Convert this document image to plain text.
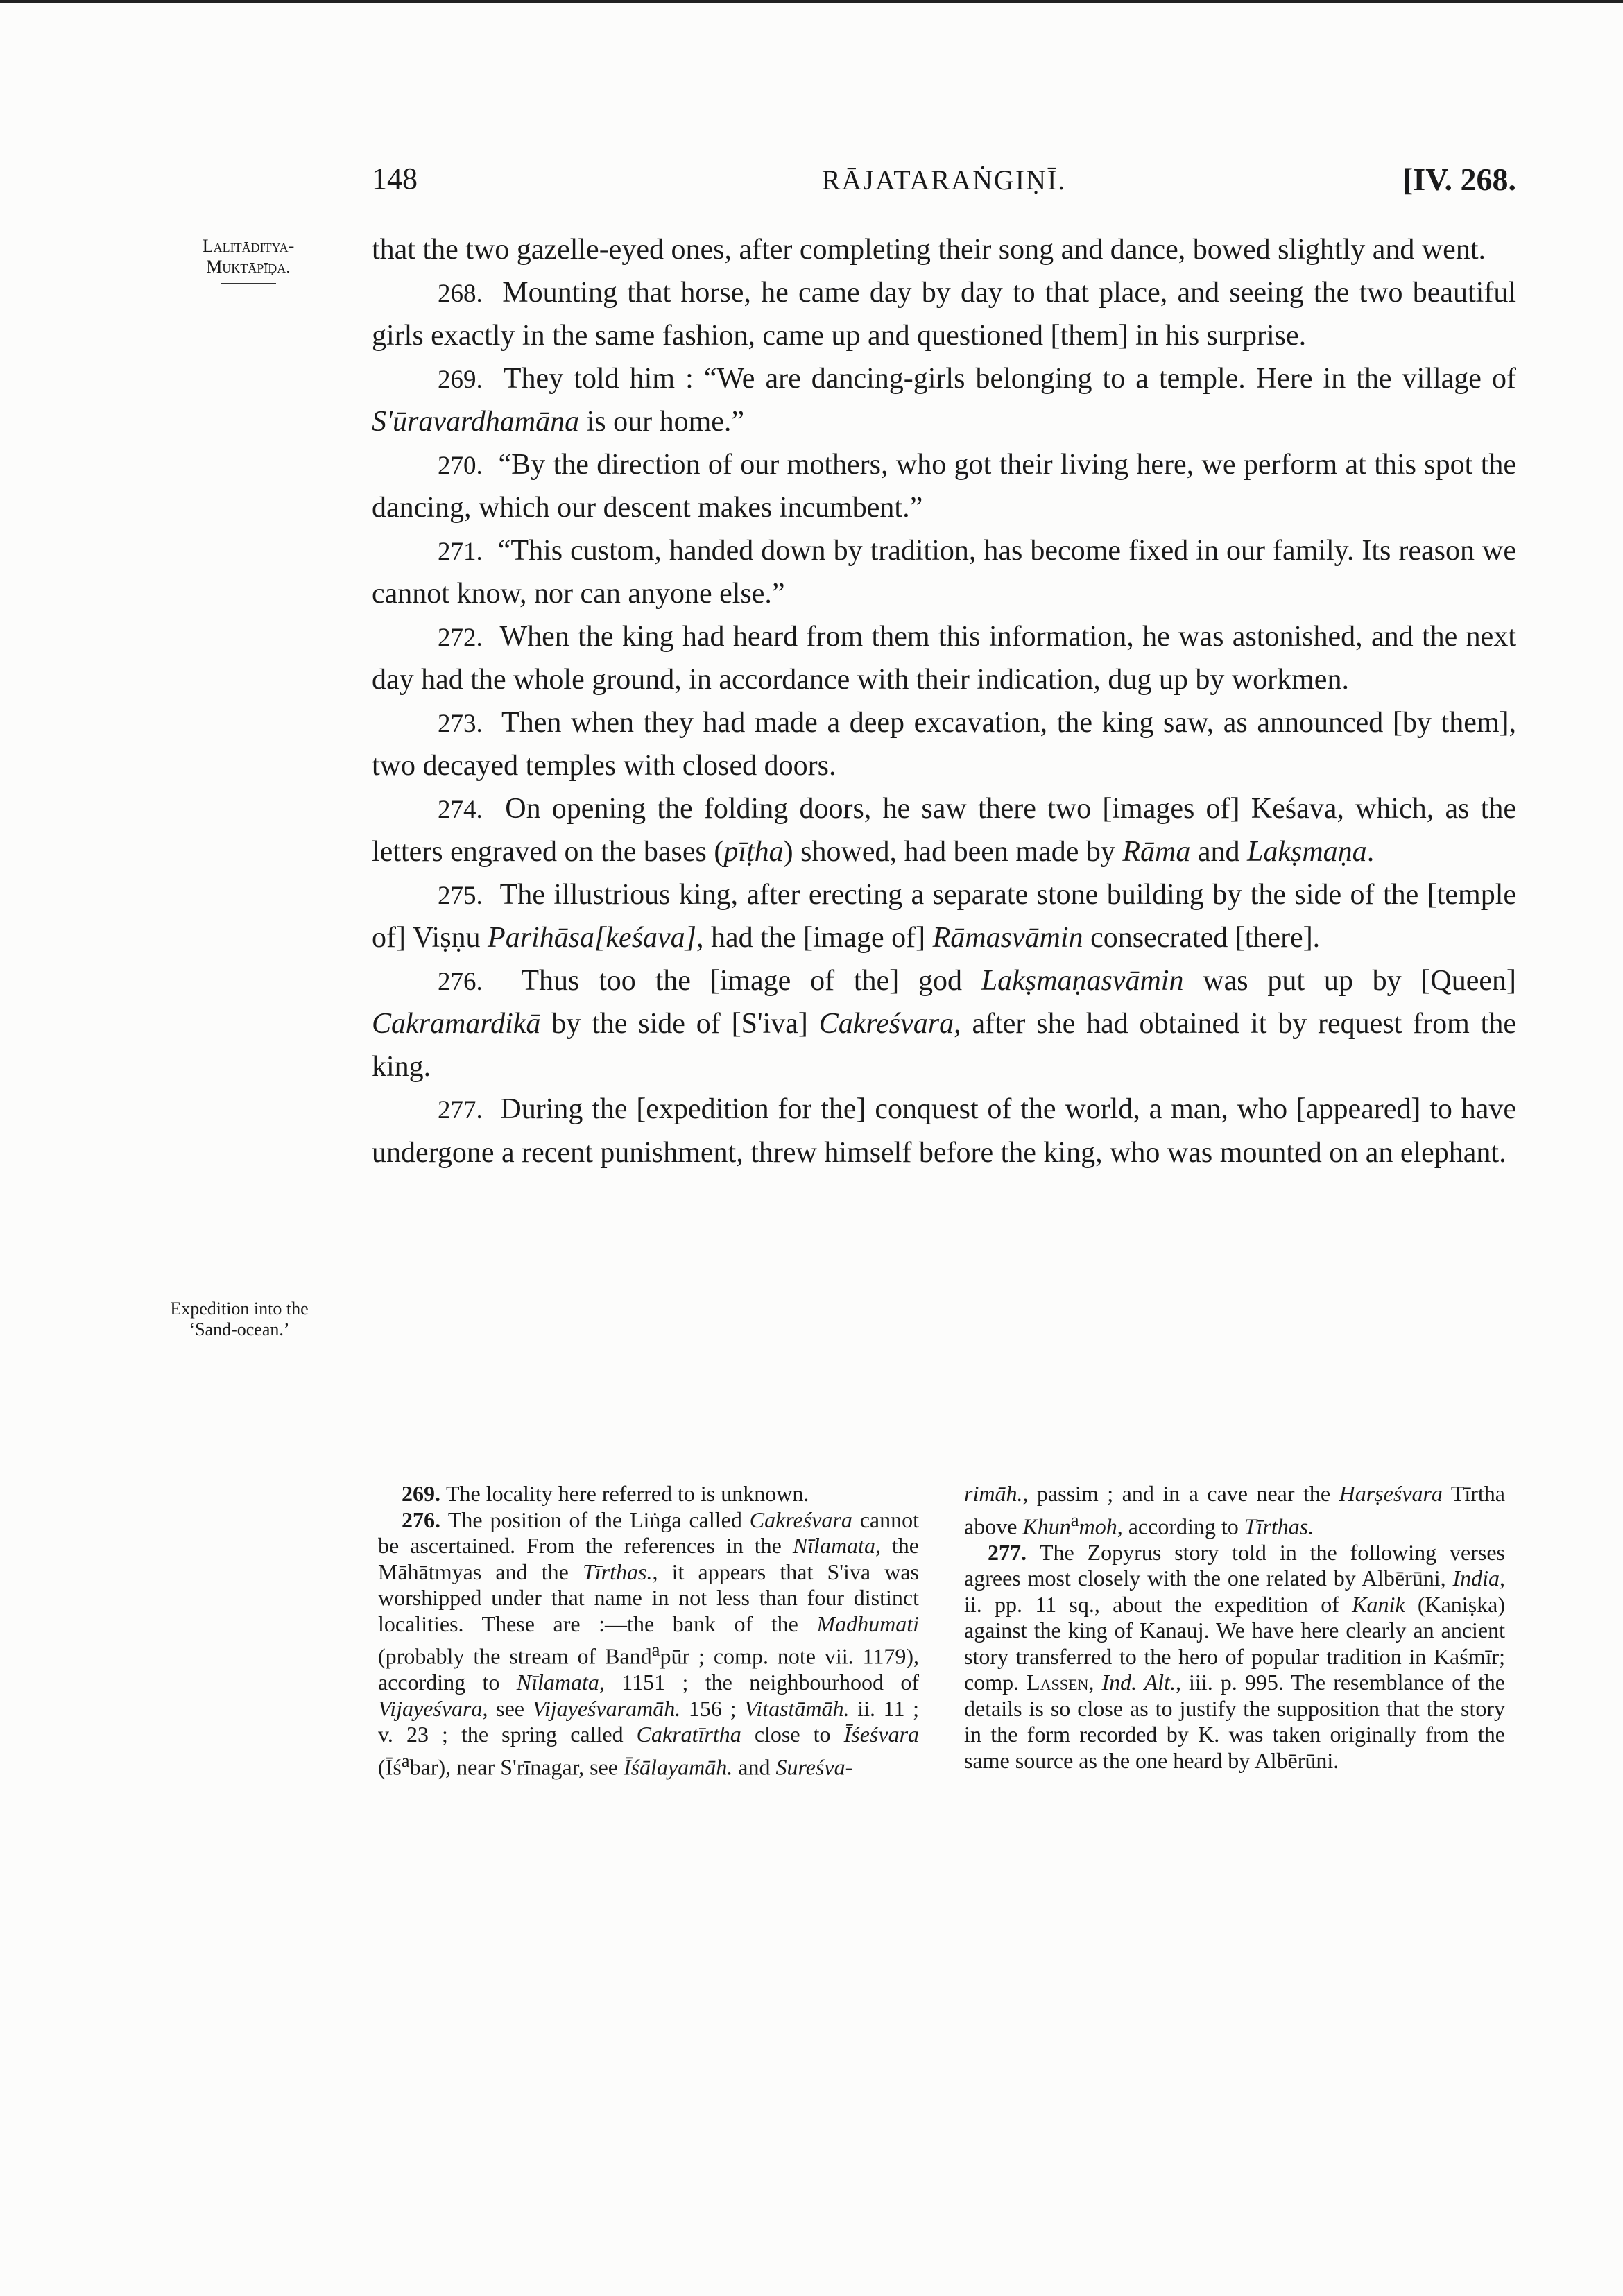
148	RĀJATARAṄGIṆĪ.	[IV. 268.
Lalitāditya-
Muktāpīḍa.
Expedition into the
‘Sand-ocean.’

that the two gazelle-eyed ones, after completing their song and dance, bowed slightly and went.

268. Mounting that horse, he came day by day to that place, and seeing the two beautiful girls exactly in the same fashion, came up and questioned [them] in his surprise.

269. They told him : “We are dancing-girls belonging to a temple. Here in the village of S'ūravardhamāna is our home.”

270. “By the direction of our mothers, who got their living here, we perform at this spot the dancing, which our descent makes incumbent.”

271. “This custom, handed down by tradition, has become fixed in our family. Its reason we cannot know, nor can anyone else.”

272. When the king had heard from them this information, he was astonished, and the next day had the whole ground, in accordance with their indication, dug up by workmen.

273. Then when they had made a deep excavation, the king saw, as announced [by them], two decayed temples with closed doors.

274. On opening the folding doors, he saw there two [images of] Keśava, which, as the letters engraved on the bases (pīṭha) showed, had been made by Rāma and Lakṣmaṇa.

275. The illustrious king, after erecting a separate stone building by the side of the [temple of] Viṣṇu Parihāsa[keśava], had the [image of] Rāmasvāmin consecrated [there].

276. Thus too the [image of the] god Lakṣmaṇasvāmin was put up by [Queen] Cakramardikā by the side of [S'iva] Cakreśvara, after she had obtained it by request from the king.

277. During the [expedition for the] conquest of the world, a man, who [appeared] to have undergone a recent punishment, threw himself before the king, who was mounted on an elephant.

269. The locality here referred to is unknown.

276. The position of the Liṅga called Cakreśvara cannot be ascertained. From the references in the Nīlamata, the Māhātmyas and the Tīrthas., it appears that S'iva was worshipped under that name in not less than four distinct localities. These are :—the bank of the Madhumati (probably the stream of Band$^a$pūr ; comp. note vii. 1179), according to Nīlamata, 1151 ; the neighbourhood of Vijayeśvara, see Vijayeśvaramāh. 156 ; Vitastāmāh. ii. 11 ; v. 23 ; the spring called Cakratīrtha close to Īśeśvara $(Īś^abar)$, near S'rīnagar, see Īśālayamāh. and Sureśva-

rimāh., passim ; and in a cave near the Harṣeśvara Tīrtha above Khun$^a$moh, according to Tīrthas.

277. The Zopyrus story told in the following verses agrees most closely with the one related by Albērūni, India, ii. pp. 11 sq., about the expedition of Kanik (Kaniṣka) against the king of Kanauj. We have here clearly an ancient story transferred to the hero of popular tradition in Kaśmīr; comp. Lassen, Ind. Alt., iii. p. 995. The resemblance of the details is so close as to justify the supposition that the story in the form recorded by K. was taken originally from the same source as the one heard by Albērūni.
